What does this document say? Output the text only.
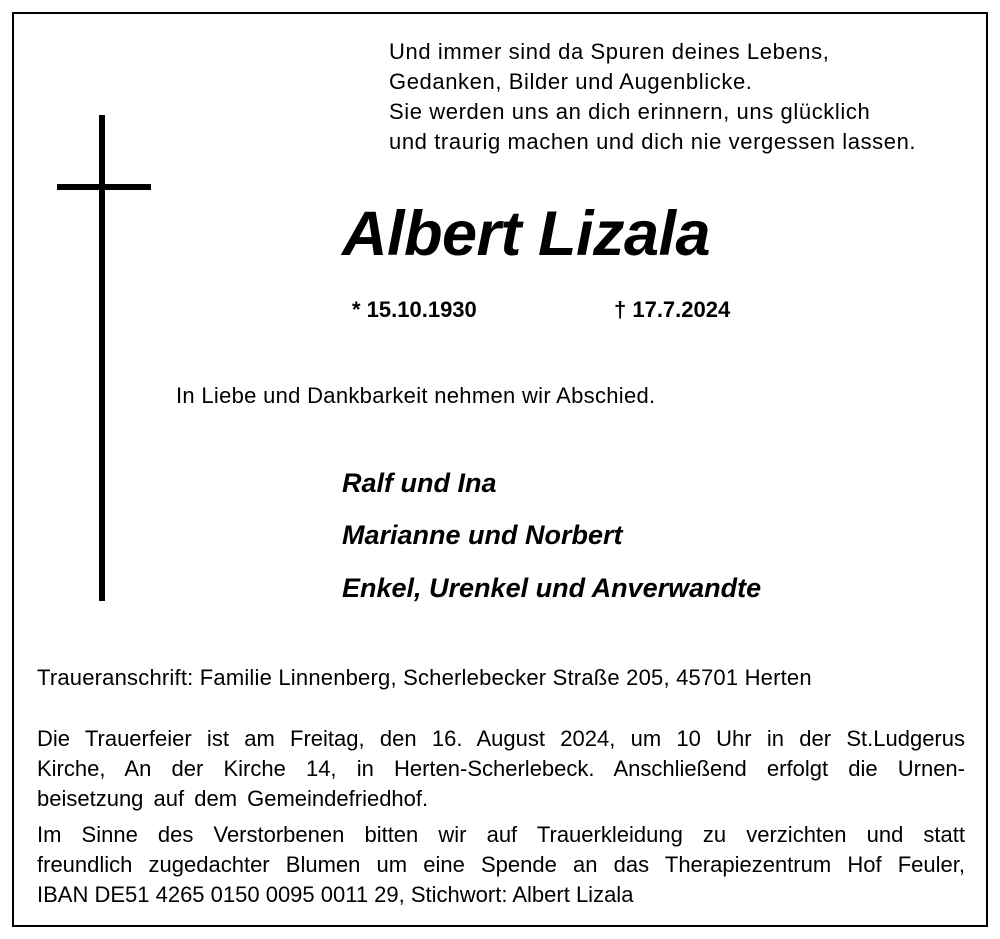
Und immer sind da Spuren deines Lebens,
Gedanken, Bilder und Augenblicke.
Sie werden uns an dich erinnern, uns glücklich
und traurig machen und dich nie vergessen lassen.
Albert Lizala
* 15.10.1930	† 17.7.2024
In Liebe und Dankbarkeit nehmen wir Abschied.
Ralf und Ina
Marianne und Norbert
Enkel, Urenkel und Anverwandte
Traueranschrift: Familie Linnenberg, Scherlebecker Straße 205, 45701 Herten
Die Trauerfeier ist am Freitag, den 16. August 2024, um 10 Uhr in der St.Ludgerus
Kirche, An der Kirche 14, in Herten-Scherlebeck. Anschließend erfolgt die Urnen-
beisetzung auf dem Gemeindefriedhof.
Im Sinne des Verstorbenen bitten wir auf Trauerkleidung zu verzichten und statt
freundlich zugedachter Blumen um eine Spende an das Therapiezentrum Hof Feuler,
IBAN DE51 4265 0150 0095 0011 29, Stichwort: Albert Lizala
